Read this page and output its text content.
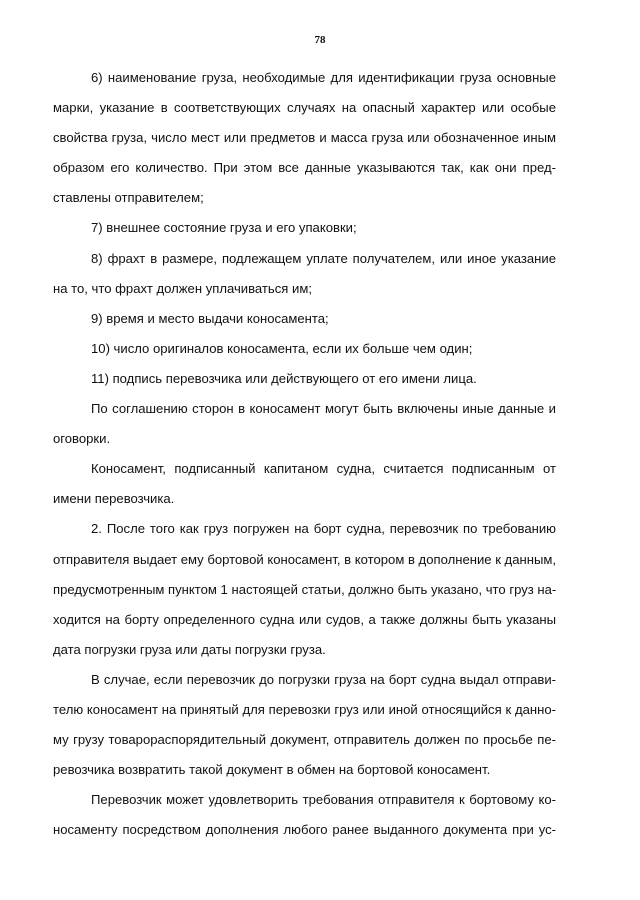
78
6) наименование груза, необходимые для идентификации груза основные
марки, указание в соответствующих случаях на опасный характер или особые
свойства груза, число мест или предметов и масса груза или обозначенное иным
образом его количество. При этом все данные указываются так, как они пред-
ставлены отправителем;
7) внешнее состояние груза и его упаковки;
8) фрахт в размере, подлежащем уплате получателем, или иное указание
на то, что фрахт должен уплачиваться им;
9) время и место выдачи коносамента;
10) число оригиналов коносамента, если их больше чем один;
11) подпись перевозчика или действующего от его имени лица.
По соглашению сторон в коносамент могут быть включены иные данные и
оговорки.
Коносамент, подписанный капитаном судна, считается подписанным от
имени перевозчика.
2. После того как груз погружен на борт судна, перевозчик по требованию
отправителя выдает ему бортовой коносамент, в котором в дополнение к данным,
предусмотренным пунктом 1 настоящей статьи, должно быть указано, что груз на-
ходится на борту определенного судна или судов, а также должны быть указаны
дата погрузки груза или даты погрузки груза.
В случае, если перевозчик до погрузки груза на борт судна выдал отправи-
телю коносамент на принятый для перевозки груз или иной относящийся к данно-
му грузу товарораспорядительный документ, отправитель должен по просьбе пе-
ревозчика возвратить такой документ в обмен на бортовой коносамент.
Перевозчик может удовлетворить требования отправителя к бортовому ко-
носаменту посредством дополнения любого ранее выданного документа при ус-
